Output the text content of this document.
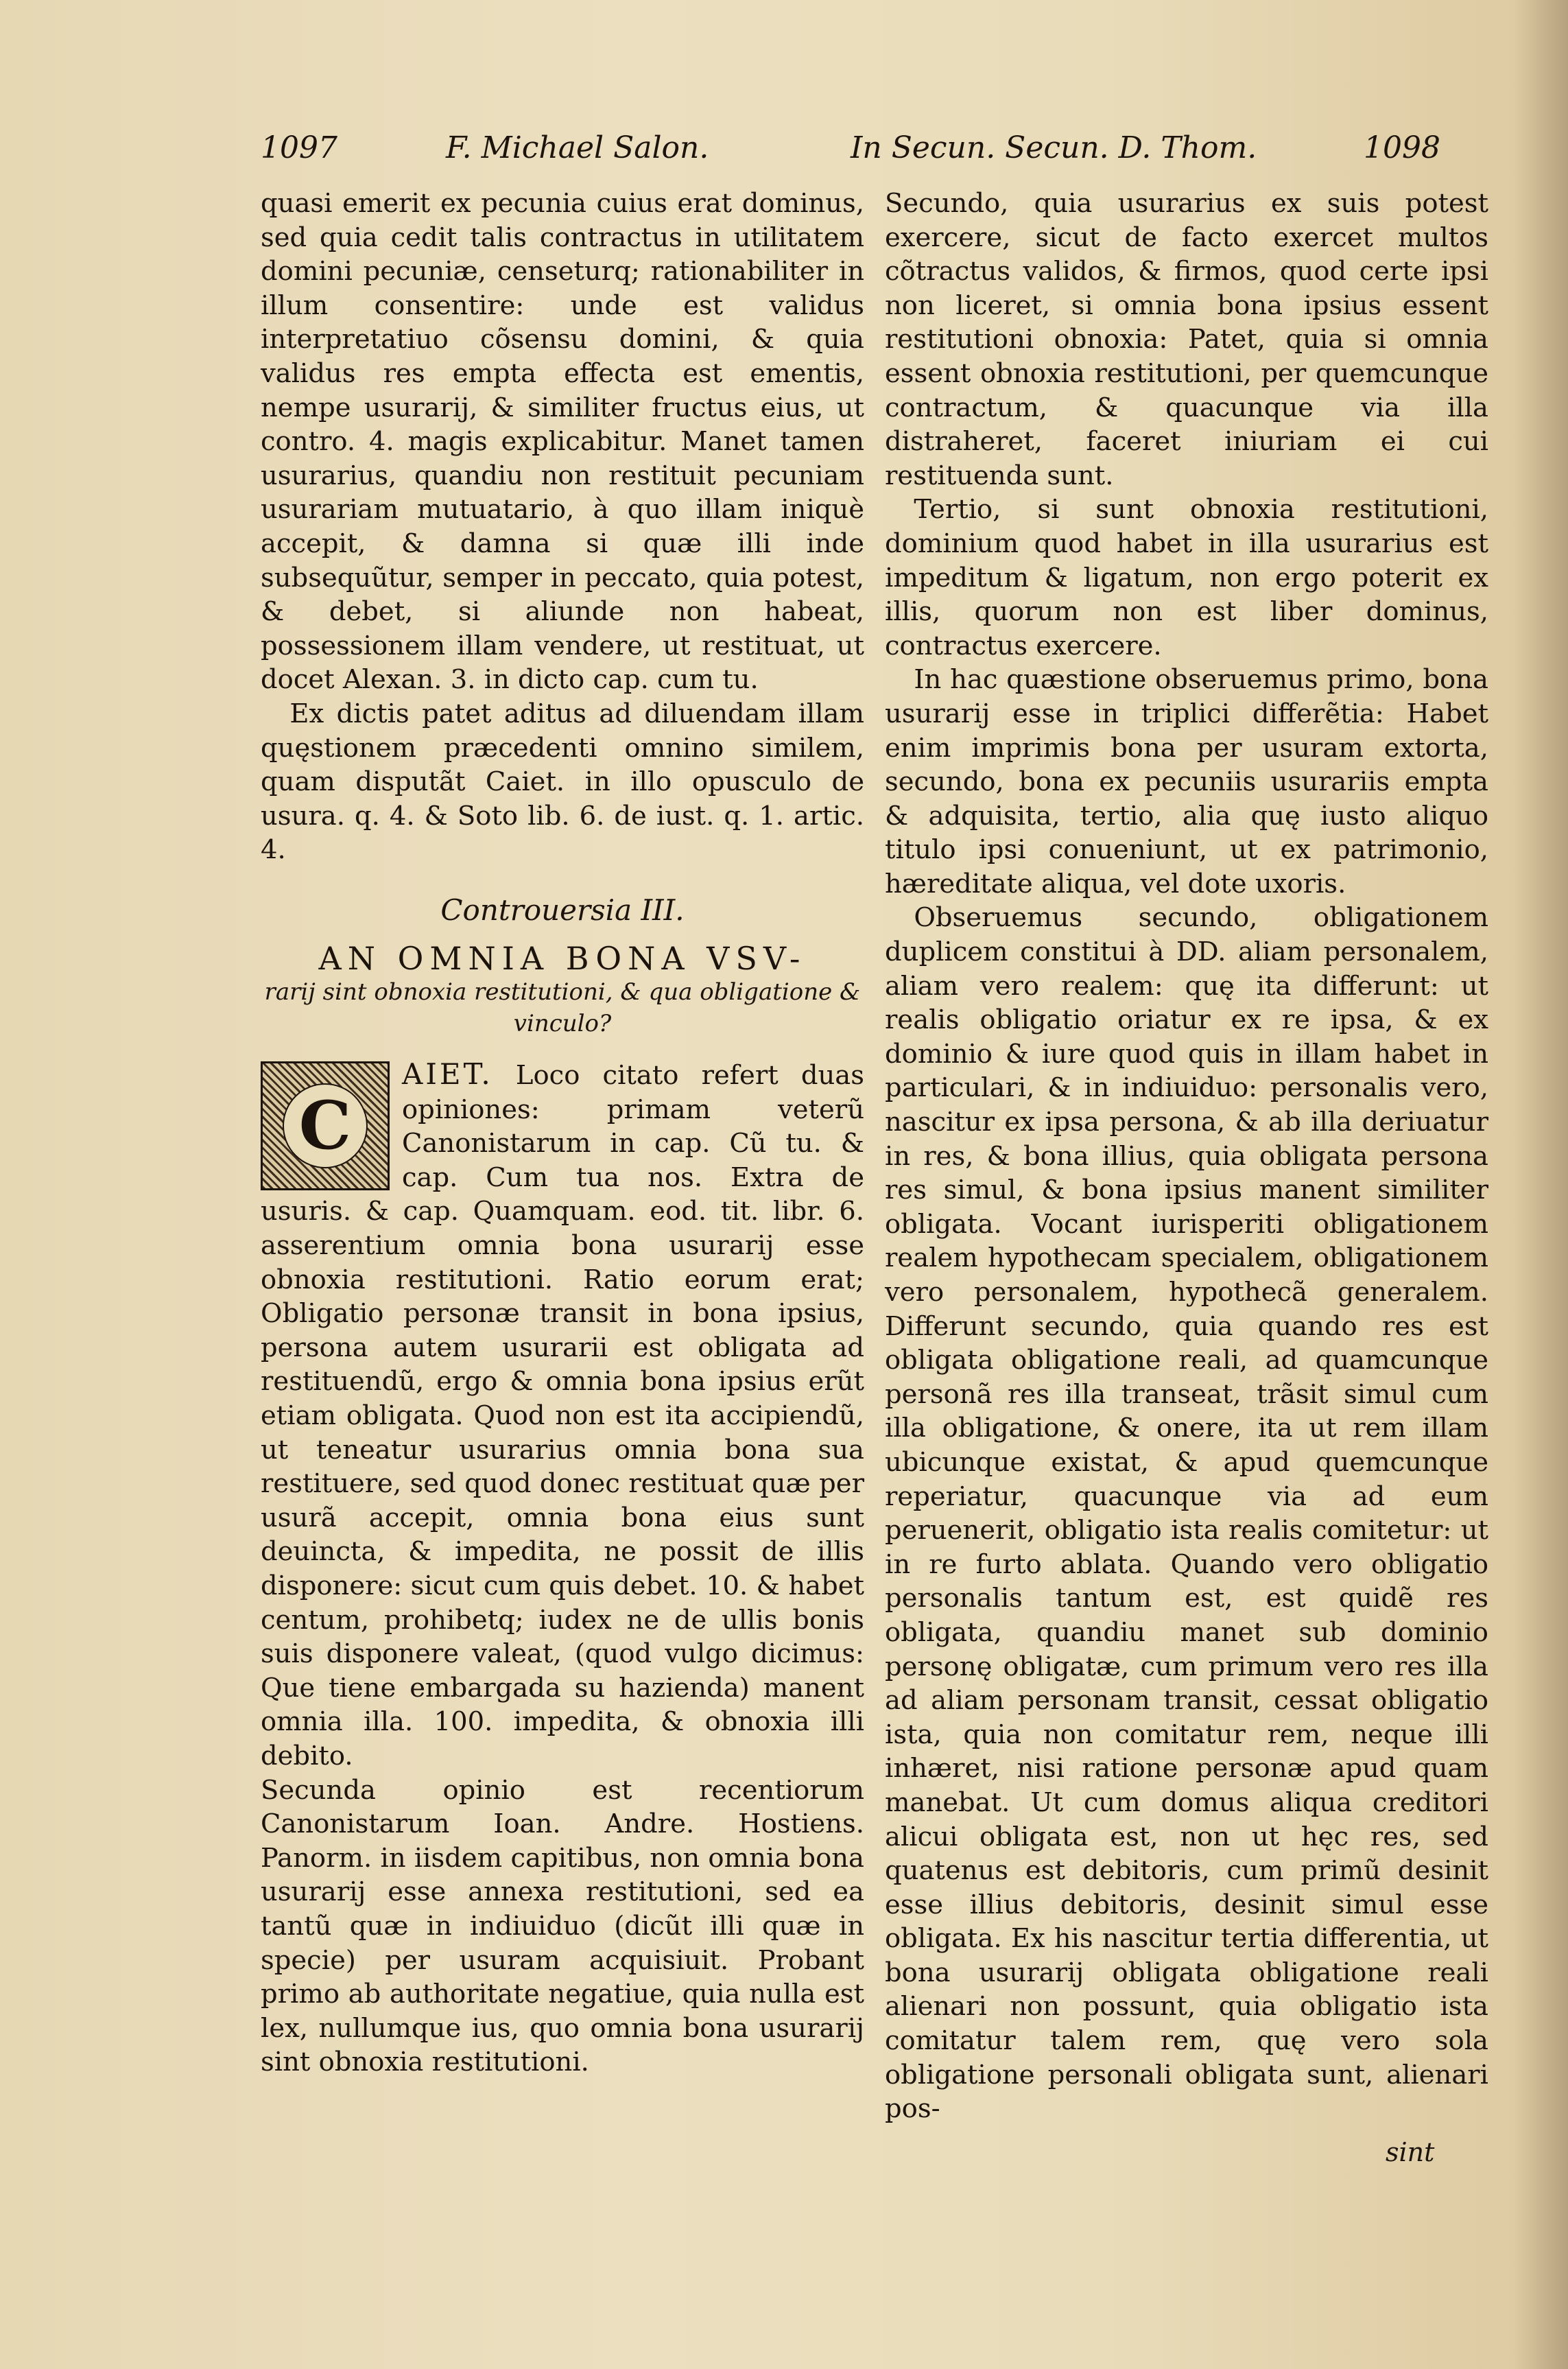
1097	F. Michael Salon.	In Secun. Secun. D. Thom.	1098

quasi emerit ex pecunia cuius erat dominus, sed quia cedit talis contractus in utilitatem domini pecuniæ, censeturq; rationabiliter in illum consentire: unde est validus interpretatiuo cõsensu domini, & quia validus res empta effecta est ementis, nempe usurarij, & similiter fructus eius, ut contro. 4. magis explicabitur. Manet tamen usurarius, quandiu non restituit pecuniam usurariam mutuatario, à quo illam iniquè accepit, & damna si quæ illi inde subsequũtur, semper in peccato, quia potest, & debet, si aliunde non habeat, possessionem illam vendere, ut restituat, ut docet Alexan. 3. in dicto cap. cum tu.

Ex dictis patet aditus ad diluendam illam quęstionem præcedenti omnino similem, quam disputãt Caiet. in illo opusculo de usura. q. 4. & Soto lib. 6. de iust. q. 1. artic. 4.

Controuersia III.
AN OMNIA BONA VSV-
rarij sint obnoxia restitutioni, & qua obligatione & vinculo?
C

AIET. Loco citato refert duas opiniones: primam veterũ Canonistarum in cap. Cũ tu. & cap. Cum tua nos. Extra de usuris. & cap. Quamquam. eod. tit. libr. 6. asserentium omnia bona usurarij esse obnoxia restitutioni. Ratio eorum erat; Obligatio personæ transit in bona ipsius, persona autem usurarii est obligata ad restituendũ, ergo & omnia bona ipsius erũt etiam obligata. Quod non est ita accipiendũ, ut teneatur usurarius omnia bona sua restituere, sed quod donec restituat quæ per usurã accepit, omnia bona eius sunt deuincta, & impedita, ne possit de illis disponere: sicut cum quis debet. 10. & habet centum, prohibetq; iudex ne de ullis bonis suis disponere valeat, (quod vulgo dicimus: Que tiene embargada su hazienda) manent omnia illa. 100. impedita, & obnoxia illi debito.

Secunda opinio est recentiorum Canonistarum Ioan. Andre. Hostiens. Panorm. in iisdem capitibus, non omnia bona usurarij esse annexa restitutioni, sed ea tantũ quæ in indiuiduo (dicũt illi quæ in specie) per usuram acquisiuit. Probant primo ab authoritate negatiue, quia nulla est lex, nullumque ius, quo omnia bona usurarij sint obnoxia restitutioni.

Secundo, quia usurarius ex suis potest exercere, sicut de facto exercet multos cõtractus validos, & firmos, quod certe ipsi non liceret, si omnia bona ipsius essent restitutioni obnoxia: Patet, quia si omnia essent obnoxia restitutioni, per quemcunque contractum, & quacunque via illa distraheret, faceret iniuriam ei cui restituenda sunt.

Tertio, si sunt obnoxia restitutioni, dominium quod habet in illa usurarius est impeditum & ligatum, non ergo poterit ex illis, quorum non est liber dominus, contractus exercere.

In hac quæstione obseruemus primo, bona usurarij esse in triplici differẽtia: Habet enim imprimis bona per usuram extorta, secundo, bona ex pecuniis usurariis empta & adquisita, tertio, alia quę iusto aliquo titulo ipsi conueniunt, ut ex patrimonio, hæreditate aliqua, vel dote uxoris.

Obseruemus secundo, obligationem duplicem constitui à DD. aliam personalem, aliam vero realem: quę ita differunt: ut realis obligatio oriatur ex re ipsa, & ex dominio & iure quod quis in illam habet in particulari, & in indiuiduo: personalis vero, nascitur ex ipsa persona, & ab illa deriuatur in res, & bona illius, quia obligata persona res simul, & bona ipsius manent similiter obligata. Vocant iurisperiti obligationem realem hypothecam specialem, obligationem vero personalem, hypothecã generalem. Differunt secundo, quia quando res est obligata obligatione reali, ad quamcunque personã res illa transeat, trãsit simul cum illa obligatione, & onere, ita ut rem illam ubicunque existat, & apud quemcunque reperiatur, quacunque via ad eum peruenerit, obligatio ista realis comitetur: ut in re furto ablata. Quando vero obligatio personalis tantum est, est quidẽ res obligata, quandiu manet sub dominio personę obligatæ, cum primum vero res illa ad aliam personam transit, cessat obligatio ista, quia non comitatur rem, neque illi inhæret, nisi ratione personæ apud quam manebat. Ut cum domus aliqua creditori alicui obligata est, non ut hęc res, sed quatenus est debitoris, cum primũ desinit esse illius debitoris, desinit simul esse obligata. Ex his nascitur tertia differentia, ut bona usurarij obligata obligatione reali alienari non possunt, quia obligatio ista comitatur talem rem, quę vero sola obligatione personali obligata sunt, alienari pos-

sint
